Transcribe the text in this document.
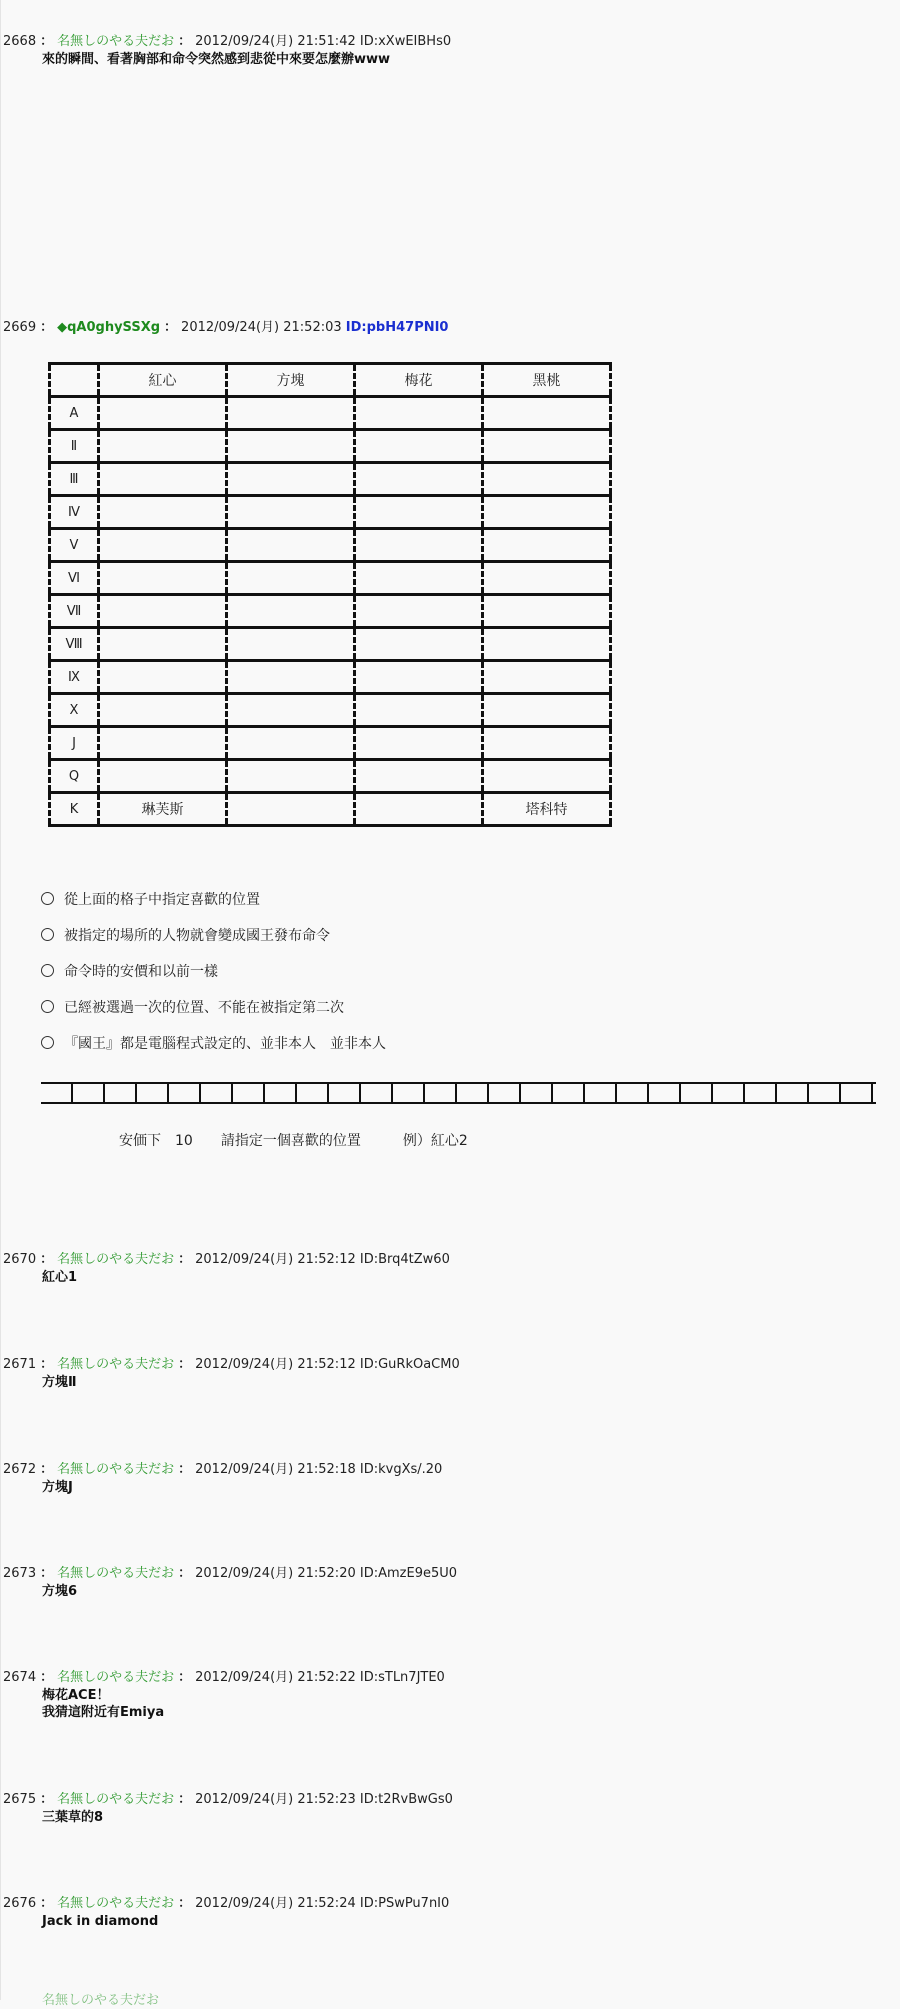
2668 ： 名無しのやる夫だお ： 2012/09/24(月) 21:51:42 ID:xXwEIBHs0
來的瞬間、看著胸部和命令突然感到悲從中來要怎麼辦www
2669 ： ◆qA0ghySSXg ： 2012/09/24(月) 21:52:03 ID:pbH47PNI0
	紅心	方塊	梅花	黑桃
A				
Ⅱ				
Ⅲ				
Ⅳ				
Ⅴ				
Ⅵ				
Ⅶ				
Ⅷ				
Ⅸ				
Ⅹ				
J				
Q				
K	琳芙斯			塔科特
從上面的格子中指定喜歡的位置
被指定的場所的人物就會變成國王發布命令
命令時的安價和以前一樣
已經被選過一次的位置、不能在被指定第二次
『國王』都是電腦程式設定的、並非本人　並非本人
安価下　10　　請指定一個喜歡的位置　　　例）紅心2
2670 ： 名無しのやる夫だお ： 2012/09/24(月) 21:52:12 ID:Brq4tZw60
紅心1
2671 ： 名無しのやる夫だお ： 2012/09/24(月) 21:52:12 ID:GuRkOaCM0
方塊Ⅱ
2672 ： 名無しのやる夫だお ： 2012/09/24(月) 21:52:18 ID:kvgXs/.20
方塊J
2673 ： 名無しのやる夫だお ： 2012/09/24(月) 21:52:20 ID:AmzE9e5U0
方塊6
2674 ： 名無しのやる夫だお ： 2012/09/24(月) 21:52:22 ID:sTLn7JTE0
梅花ACE！
我猜這附近有Emiya
2675 ： 名無しのやる夫だお ： 2012/09/24(月) 21:52:23 ID:t2RvBwGs0
三葉草的8
2676 ： 名無しのやる夫だお ： 2012/09/24(月) 21:52:24 ID:PSwPu7nI0
Jack in diamond
名無しのやる夫だお
